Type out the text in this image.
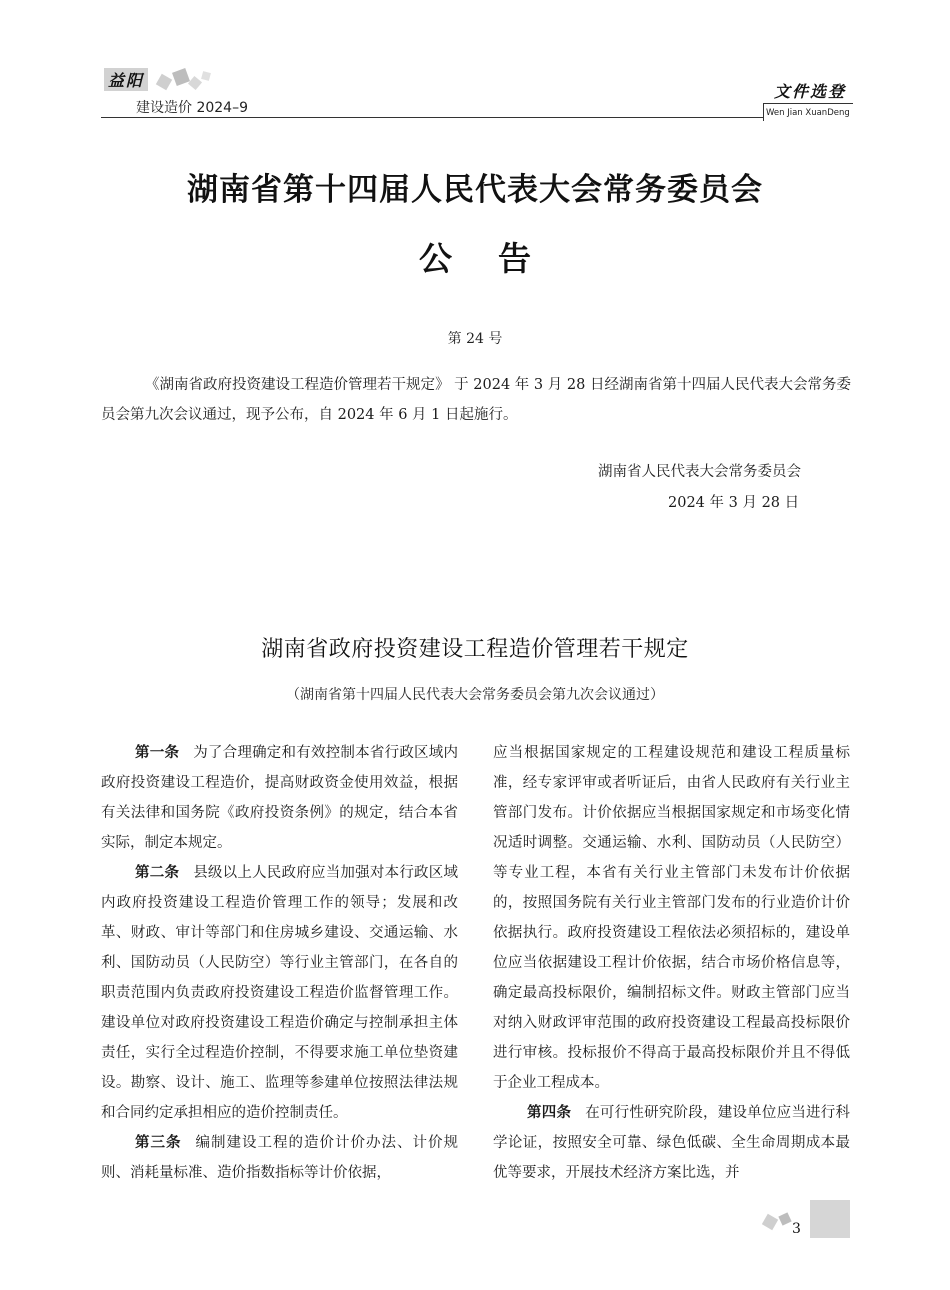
益阳
建设造价 2024–9
文件选登
Wen Jian XuanDeng
湖南省第十四届人民代表大会常务委员会
公告
第 24 号
《湖南省政府投资建设工程造价管理若干规定》 于 2024 年 3 月 28 日经湖南省第十四届人民代表大会常务委员会第九次会议通过，现予公布，自 2024 年 6 月 1 日起施行。
湖南省人民代表大会常务委员会
2024 年 3 月 28 日
湖南省政府投资建设工程造价管理若干规定
（湖南省第十四届人民代表大会常务委员会第九次会议通过）

第一条 为了合理确定和有效控制本省行政区域内政府投资建设工程造价，提高财政资金使用效益，根据有关法律和国务院《政府投资条例》的规定，结合本省实际，制定本规定。

第二条 县级以上人民政府应当加强对本行政区域内政府投资建设工程造价管理工作的领导；发展和改革、财政、审计等部门和住房城乡建设、交通运输、水利、国防动员（人民防空）等行业主管部门，在各自的职责范围内负责政府投资建设工程造价监督管理工作。建设单位对政府投资建设工程造价确定与控制承担主体责任，实行全过程造价控制，不得要求施工单位垫资建设。勘察、设计、施工、监理等参建单位按照法律法规和合同约定承担相应的造价控制责任。

第三条 编制建设工程的造价计价办法、计价规则、消耗量标准、造价指数指标等计价依据，

应当根据国家规定的工程建设规范和建设工程质量标准，经专家评审或者听证后，由省人民政府有关行业主管部门发布。计价依据应当根据国家规定和市场变化情况适时调整。交通运输、水利、国防动员（人民防空）等专业工程，本省有关行业主管部门未发布计价依据的，按照国务院有关行业主管部门发布的行业造价计价依据执行。政府投资建设工程依法必须招标的，建设单位应当依据建设工程计价依据，结合市场价格信息等，确定最高投标限价，编制招标文件。财政主管部门应当对纳入财政评审范围的政府投资建设工程最高投标限价进行审核。投标报价不得高于最高投标限价并且不得低于企业工程成本。

第四条 在可行性研究阶段，建设单位应当进行科学论证，按照安全可靠、绿色低碳、全生命周期成本最优等要求，开展技术经济方案比选，并

3
